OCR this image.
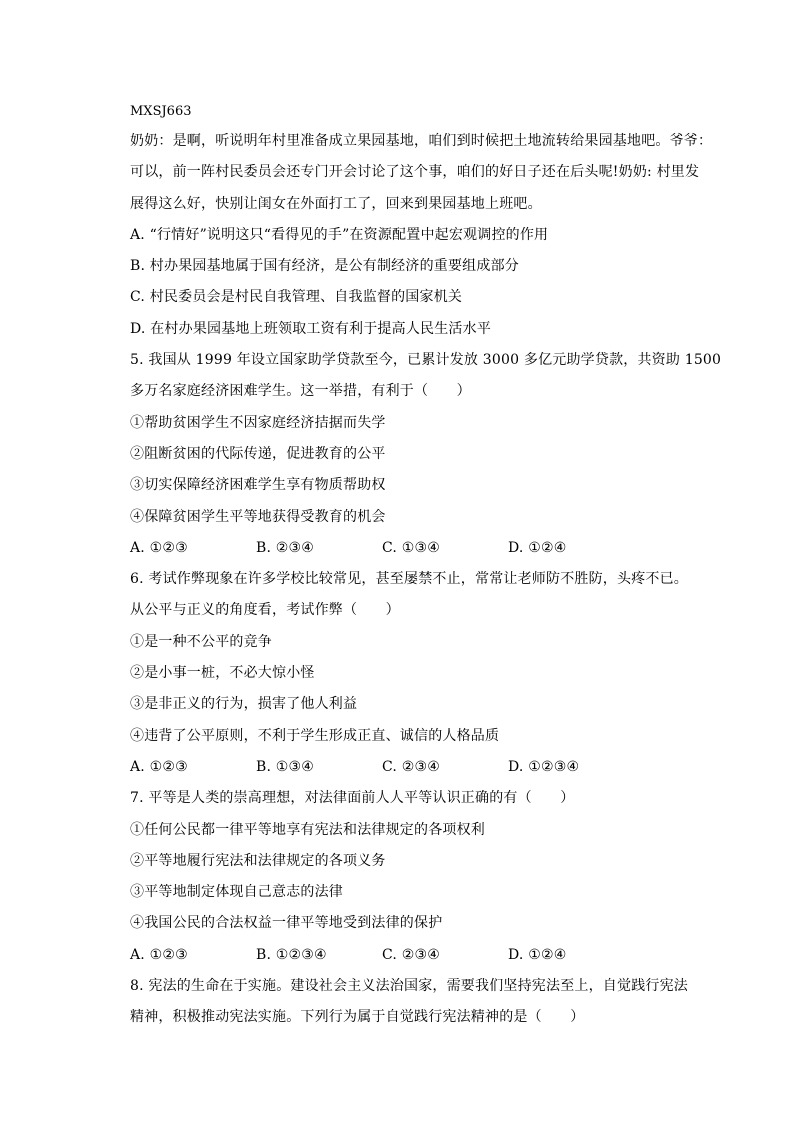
MXSJ663
奶奶：是啊，听说明年村里准备成立果园基地，咱们到时候把土地流转给果园基地吧。爷爷：
可以，前一阵村民委员会还专门开会讨论了这个事，咱们的好日子还在后头呢!奶奶: 村里发
展得这么好，快别让闺女在外面打工了，回来到果园基地上班吧。
A. “行情好”说明这只“看得见的手”在资源配置中起宏观调控的作用
B. 村办果园基地属于国有经济，是公有制经济的重要组成部分
C. 村民委员会是村民自我管理、自我监督的国家机关
D. 在村办果园基地上班领取工资有利于提高人民生活水平
5. 我国从 1999 年设立国家助学贷款至今，已累计发放 3000 多亿元助学贷款，共资助 1500
多万名家庭经济困难学生。这一举措，有利于（　　）
①帮助贫困学生不因家庭经济拮据而失学
②阻断贫困的代际传递，促进教育的公平
③切实保障经济困难学生享有物质帮助权
④保障贫困学生平等地获得受教育的机会
A. ①②③	B. ②③④	C. ①③④	D. ①②④
6. 考试作弊现象在许多学校比较常见，甚至屡禁不止，常常让老师防不胜防，头疼不已。
从公平与正义的角度看，考试作弊（　　）
①是一种不公平的竞争
②是小事一桩，不必大惊小怪
③是非正义的行为，损害了他人利益
④违背了公平原则，不利于学生形成正直、诚信的人格品质
A. ①②③	B. ①③④	C. ②③④	D. ①②③④
7. 平等是人类的崇高理想，对法律面前人人平等认识正确的有（　　）
①任何公民都一律平等地享有宪法和法律规定的各项权利
②平等地履行宪法和法律规定的各项义务
③平等地制定体现自己意志的法律
④我国公民的合法权益一律平等地受到法律的保护
A. ①②③	B. ①②③④	C. ②③④	D. ①②④
8. 宪法的生命在于实施。建设社会主义法治国家，需要我们坚持宪法至上，自觉践行宪法
精神，积极推动宪法实施。下列行为属于自觉践行宪法精神的是（　　）
